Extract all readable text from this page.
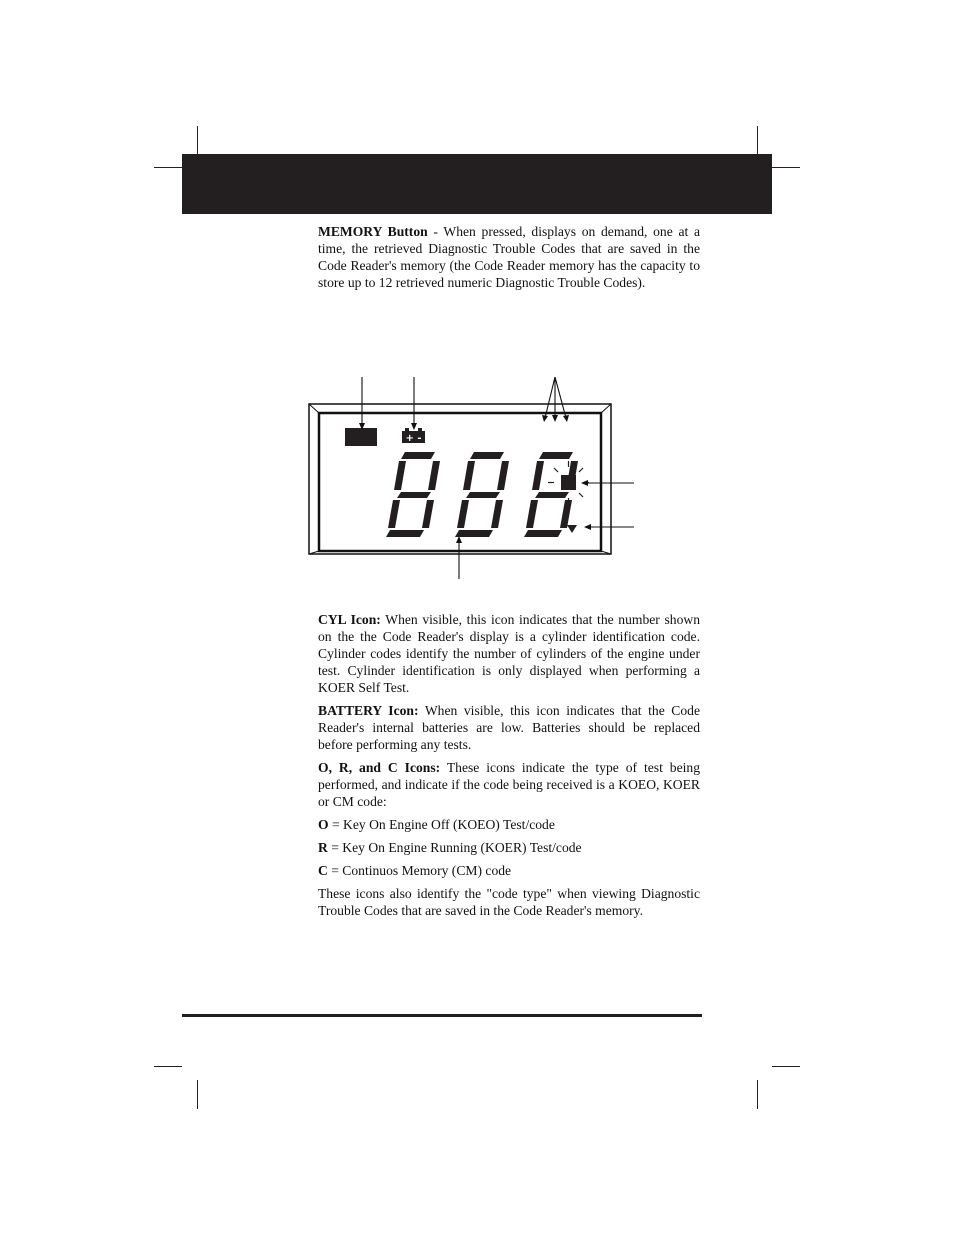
MEMORY Button - When pressed, displays on demand, one at a time, the retrieved Diagnostic Trouble Codes that are saved in the Code Reader's memory (the Code Reader memory has the capacity to store up to 12 retrieved numeric Diagnostic Trouble Codes).

+ -

CYL Icon: When visible, this icon indicates that the number shown on the the Code Reader's display is a cylinder identification code. Cylinder codes identify the number of cylinders of the engine under test. Cylinder identification is only displayed when performing a KOER Self Test.

BATTERY Icon: When visible, this icon indicates that the Code Reader's internal batteries are low. Batteries should be replaced before performing any tests.

O, R, and C Icons: These icons indicate the type of test being performed, and indicate if the code being received is a KOEO, KOER or CM code:

O = Key On Engine Off (KOEO) Test/code

R = Key On Engine Running (KOER) Test/code

C = Continuos Memory (CM) code

These icons also identify the "code type" when viewing Diagnostic Trouble Codes that are saved in the Code Reader's memory.
